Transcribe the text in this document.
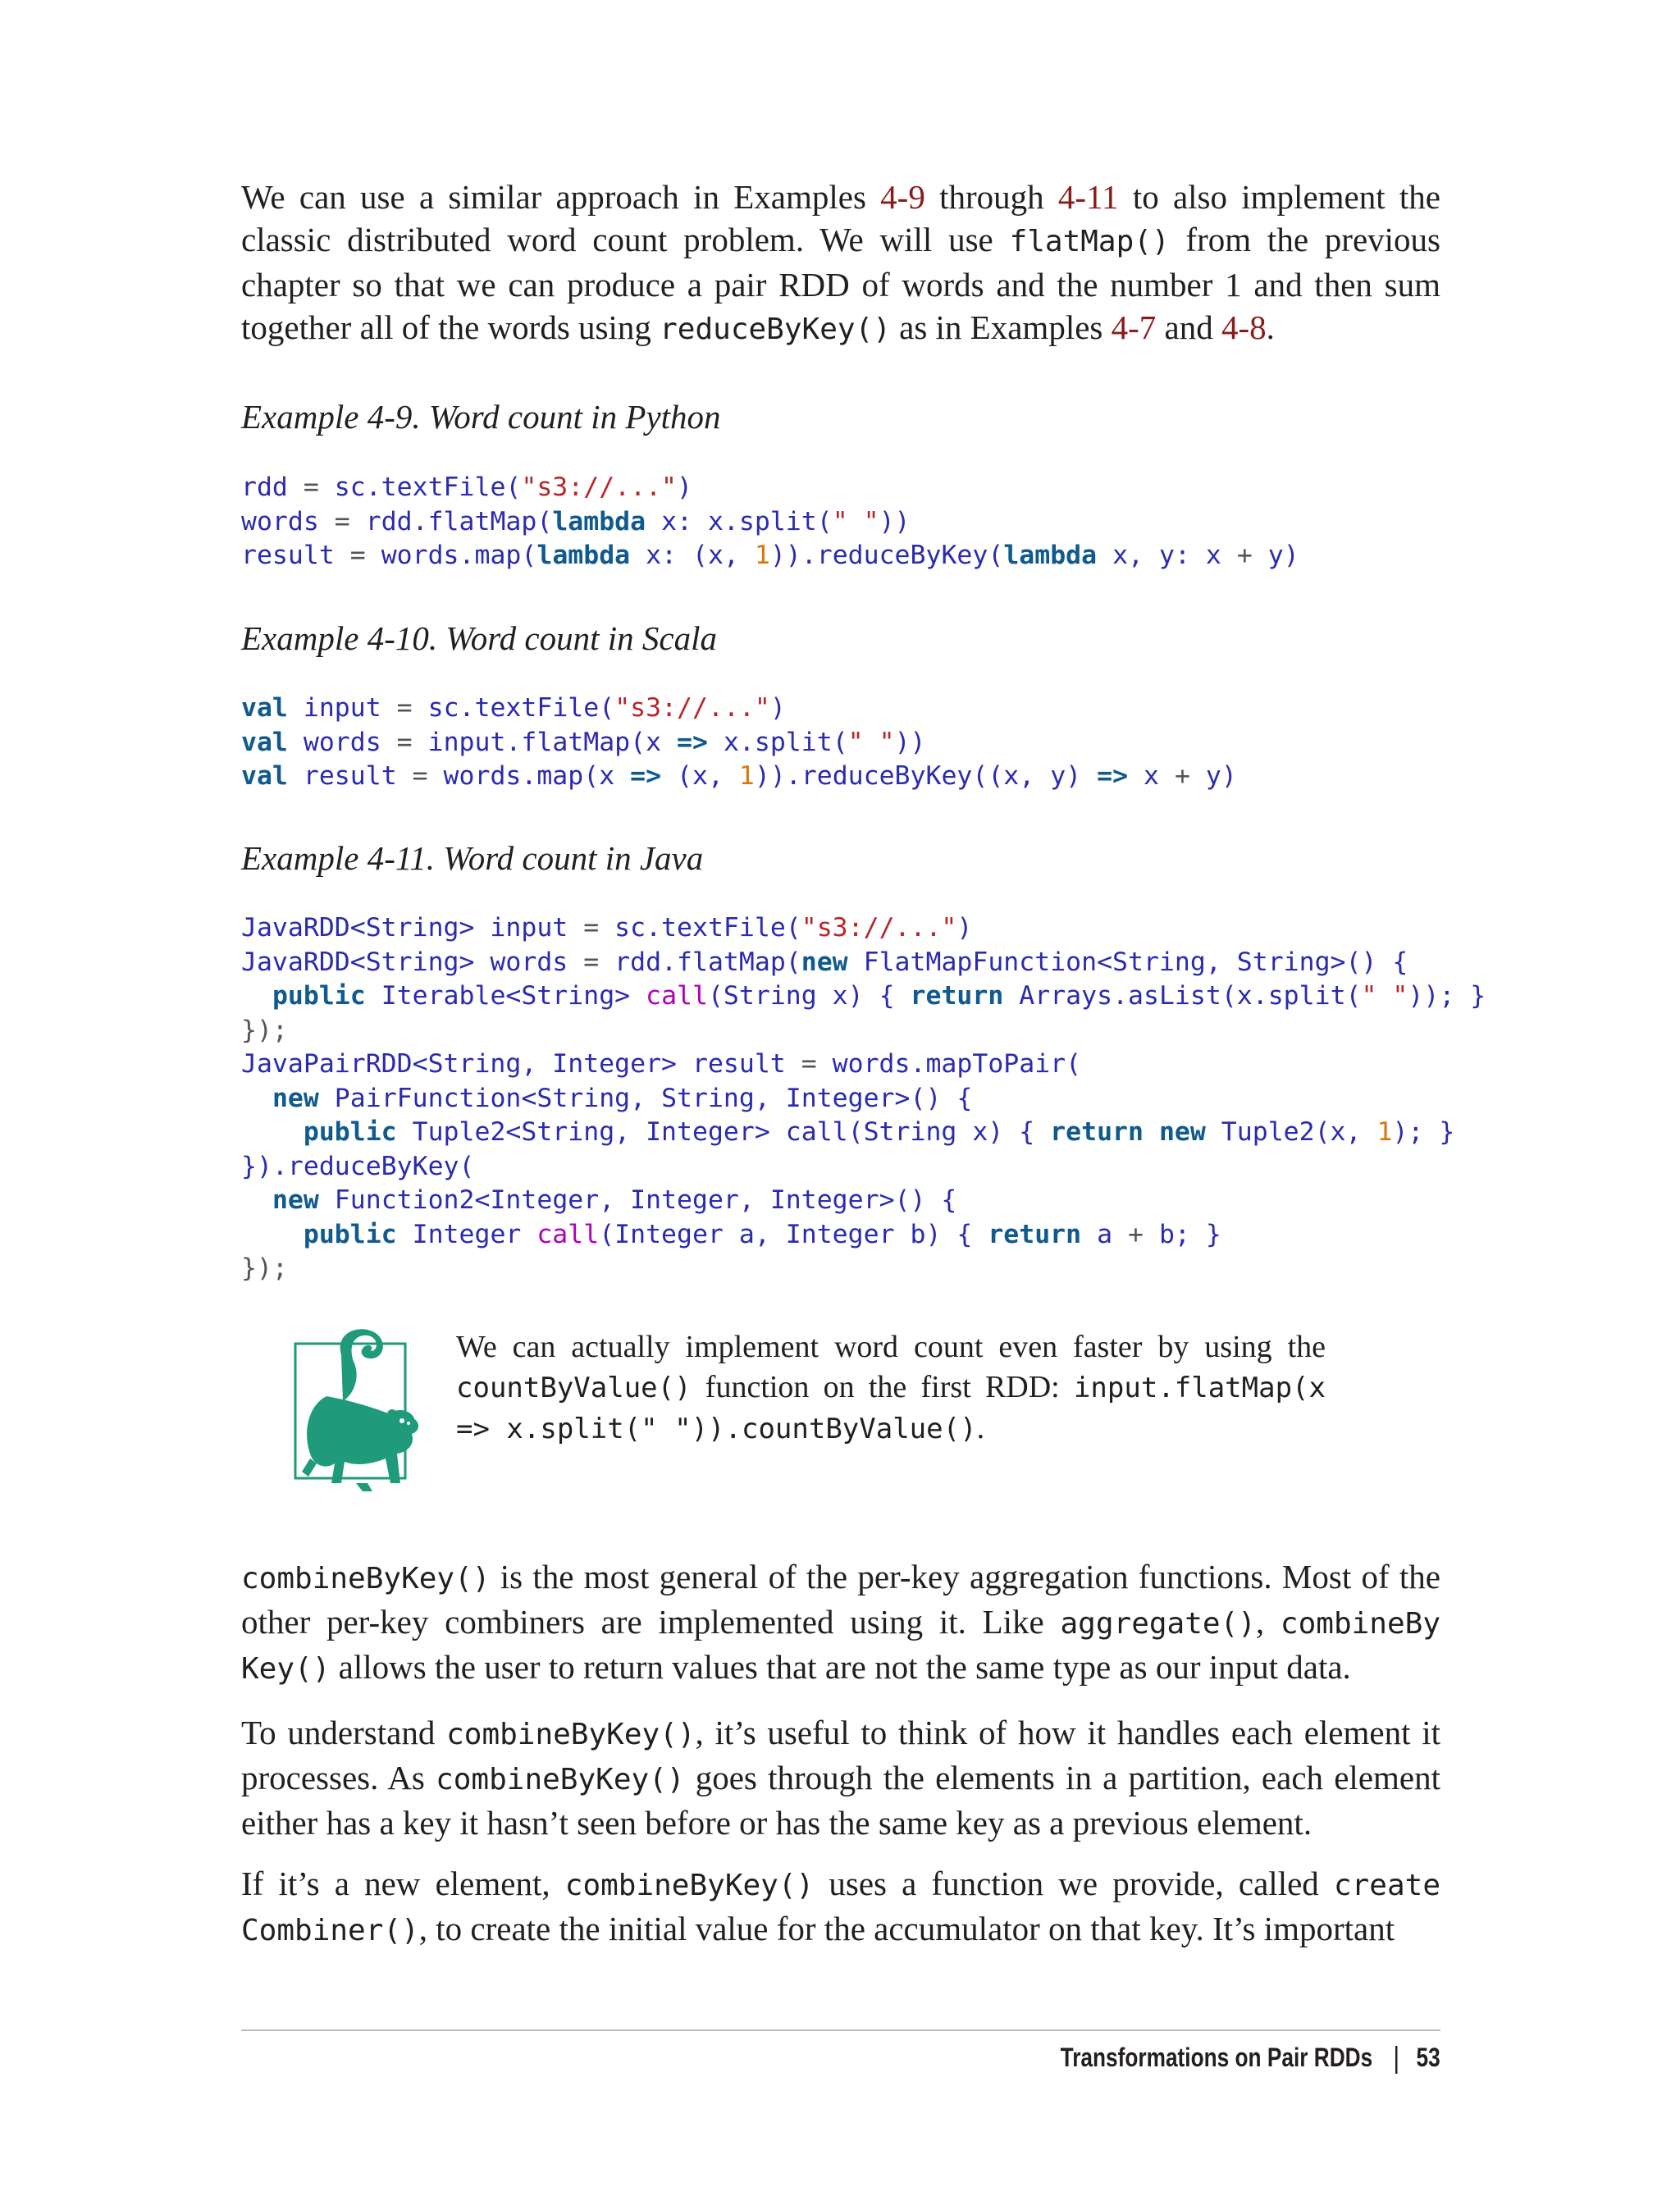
We can use a similar approach in Examples 4-9 through 4-11 to also implement the classic distributed word count problem. We will use flatMap() from the previous chapter so that we can produce a pair RDD of words and the number 1 and then sum together all of the words using reduceByKey() as in Examples 4-7 and 4-8.

Example 4-9. Word count in Python

rdd = sc.textFile("s3://...")
words = rdd.flatMap(lambda x: x.split(" "))
result = words.map(lambda x: (x, 1)).reduceByKey(lambda x, y: x + y)

Example 4-10. Word count in Scala

val input = sc.textFile("s3://...")
val words = input.flatMap(x => x.split(" "))
val result = words.map(x => (x, 1)).reduceByKey((x, y) => x + y)

Example 4-11. Word count in Java

JavaRDD<String> input = sc.textFile("s3://...")
JavaRDD<String> words = rdd.flatMap(new FlatMapFunction<String, String>() {
public Iterable<String> call(String x) { return Arrays.asList(x.split(" ")); }
});
JavaPairRDD<String, Integer> result = words.mapToPair(
new PairFunction<String, String, Integer>() {
public Tuple2<String, Integer> call(String x) { return new Tuple2(x, 1); }
}).reduceByKey(
new Function2<Integer, Integer, Integer>() {
public Integer call(Integer a, Integer b) { return a + b; }
});

We can actually implement word count even faster by using the countByValue() function on the first RDD: input.flatMap(x => x.split(" ")).countByValue().

combineByKey() is the most general of the per-key aggregation functions. Most of the other per-key combiners are implemented using it. Like aggregate(), combineBy Key() allows the user to return values that are not the same type as our input data.

To understand combineByKey(), it’s useful to think of how it handles each element it processes. As combineByKey() goes through the elements in a partition, each element either has a key it hasn’t seen before or has the same key as a previous element.

If it’s a new element, combineByKey() uses a function we provide, called create Combiner(), to create the initial value for the accumulator on that key. It’s important

Transformations on Pair RDDs 53
